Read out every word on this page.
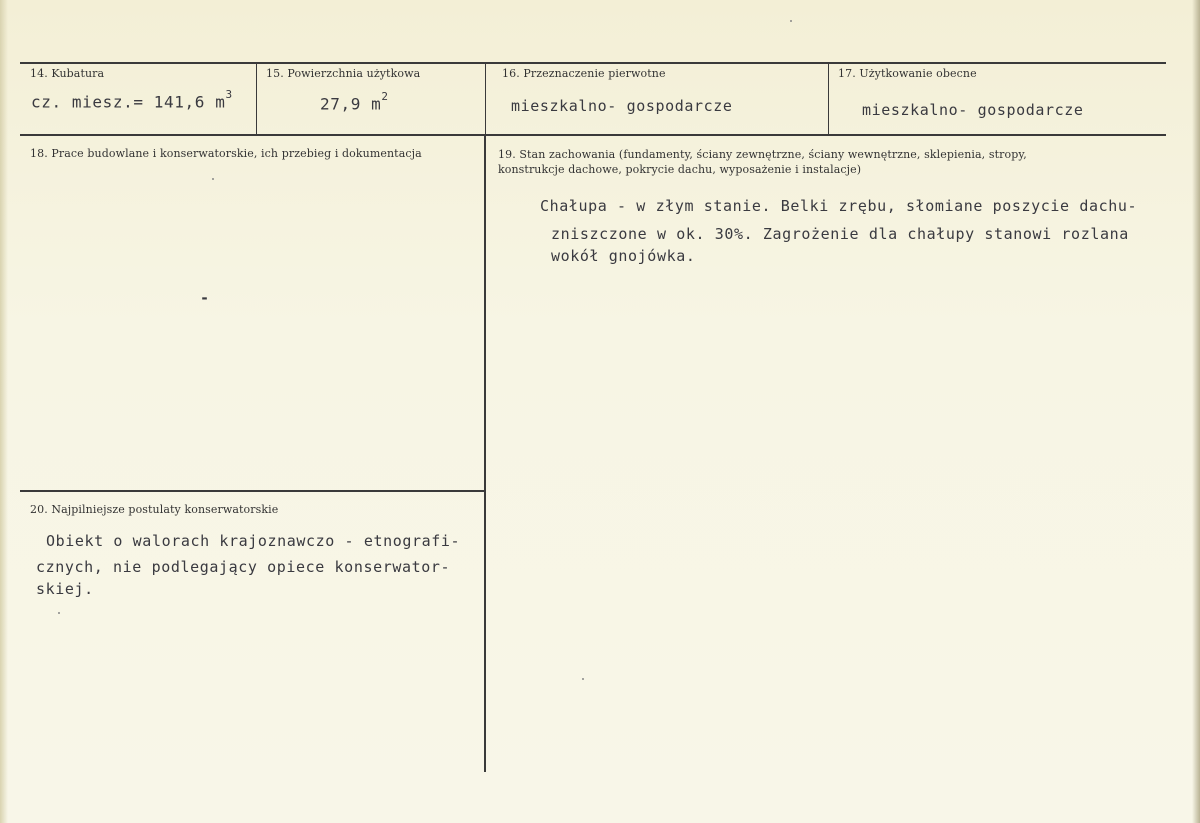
14. Kubatura
cz. miesz.= 141,6 $m^3$
15. Powierzchnia użytkowa
27,9 $m^2$
16. Przeznaczenie pierwotne
mieszkalno- gospodarcze
17. Użytkowanie obecne
mieszkalno- gospodarcze
18. Prace budowlane i konserwatorskie, ich przebieg i dokumentacja
-
19. Stan zachowania (fundamenty, ściany zewnętrzne, ściany wewnętrzne, sklepienia, stropy,
konstrukcje dachowe, pokrycie dachu, wyposażenie i instalacje)
Chałupa - w złym stanie. Belki zrębu, słomiane poszycie dachu-
zniszczone w ok. 30%. Zagrożenie dla chałupy stanowi rozlana
wokół gnojówka.
20. Najpilniejsze postulaty konserwatorskie
Obiekt o walorach krajoznawczo - etnografi-
cznych, nie podlegający opiece konserwator-
skiej.
